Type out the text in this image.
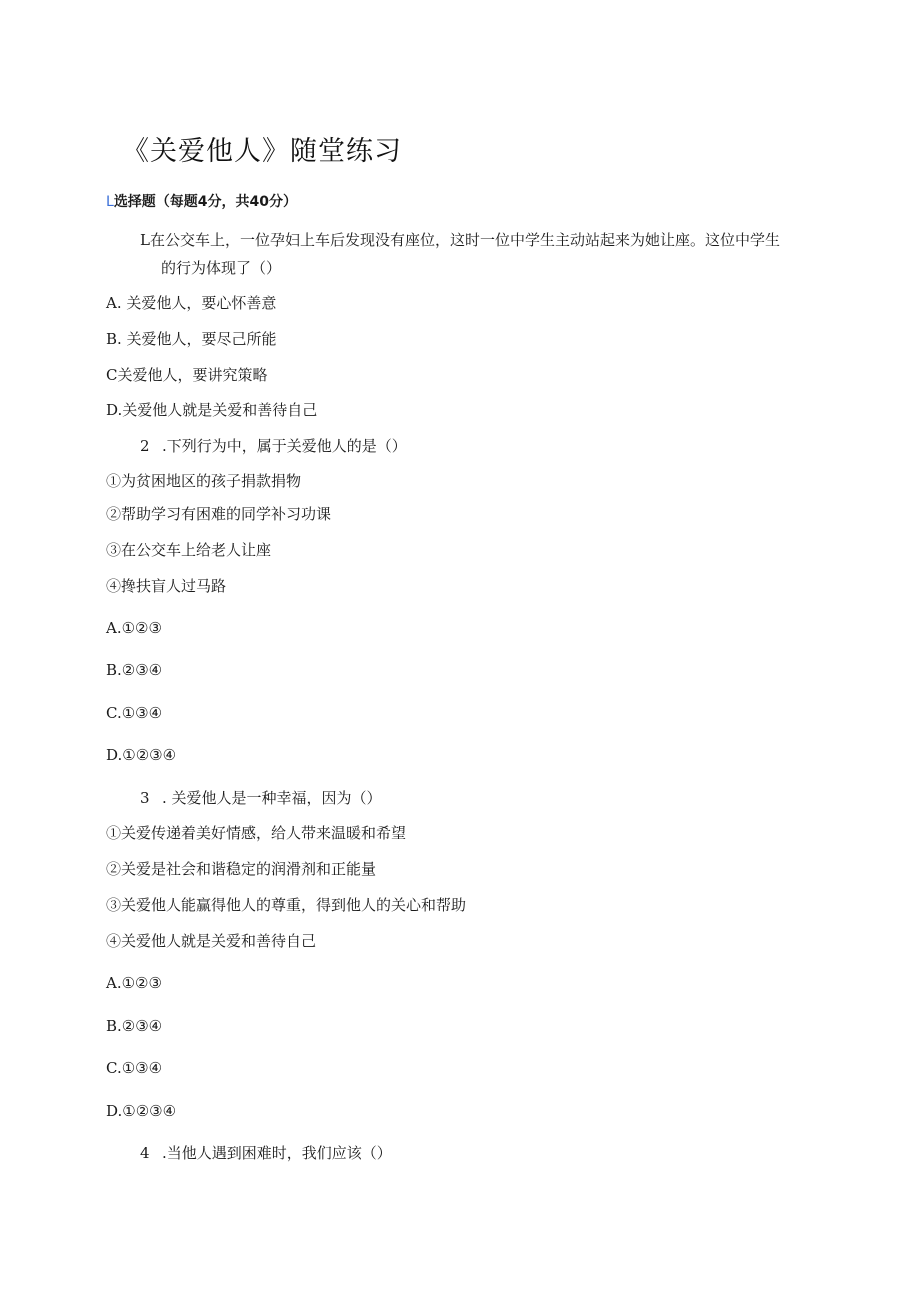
《关爱他人》随堂练习
L选择题（每题4分，共40分）
L在公交车上，一位孕妇上车后发现没有座位，这时一位中学生主动站起来为她让座。这位中学生
的行为体现了（）
A. 关爱他人，要心怀善意
B. 关爱他人，要尽己所能
C关爱他人，要讲究策略
D.关爱他人就是关爱和善待自己
2 .下列行为中，属于关爱他人的是（）
①为贫困地区的孩子捐款捐物
②帮助学习有困难的同学补习功课
③在公交车上给老人让座
④搀扶盲人过马路
A.①②③
B.②③④
C.①③④
D.①②③④
3 . 关爱他人是一种幸福，因为（）
①关爱传递着美好情感，给人带来温暖和希望
②关爱是社会和谐稳定的润滑剂和正能量
③关爱他人能赢得他人的尊重，得到他人的关心和帮助
④关爱他人就是关爱和善待自己
A.①②③
B.②③④
C.①③④
D.①②③④
4 .当他人遇到困难时，我们应该（）
